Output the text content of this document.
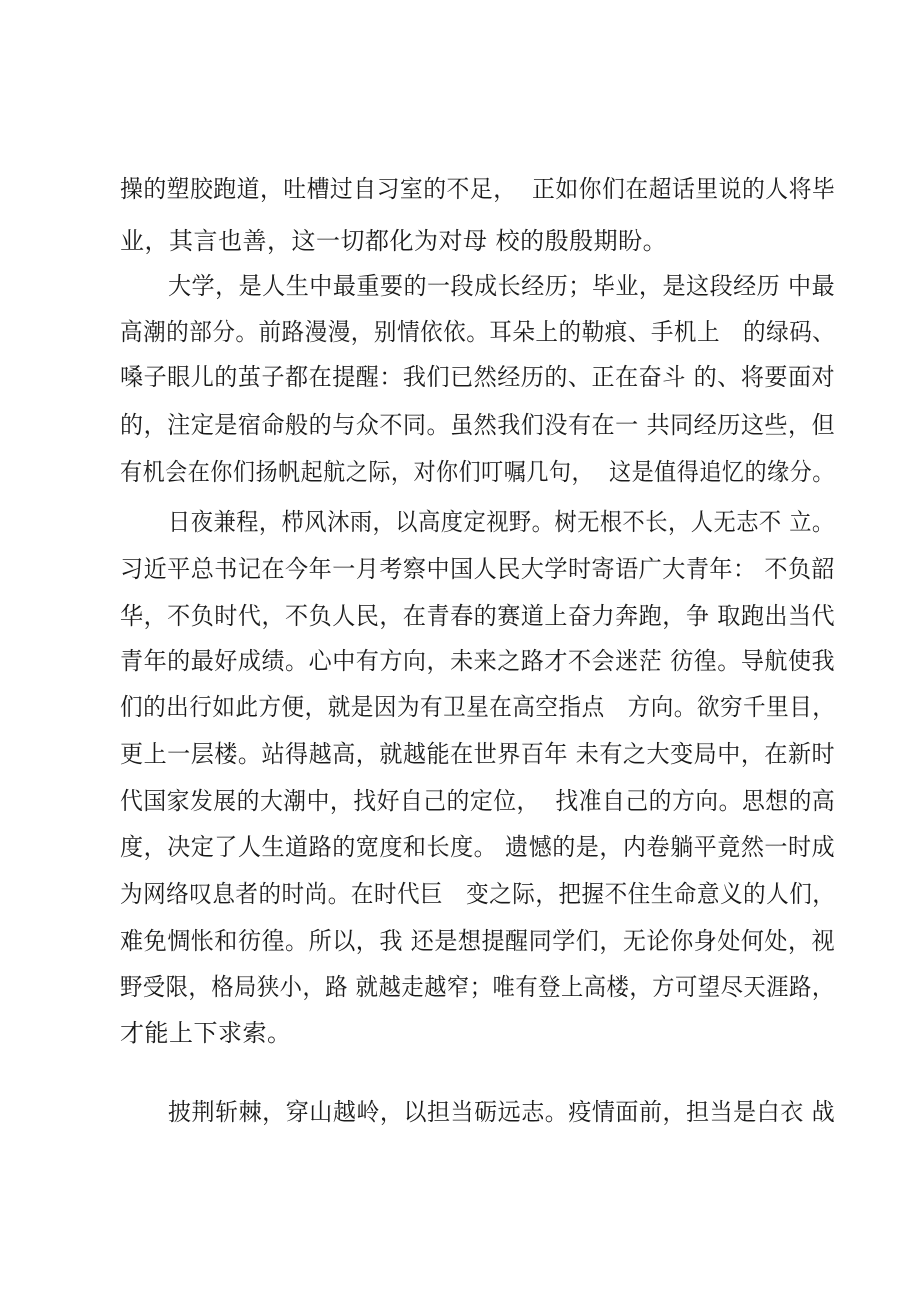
操的塑胶跑道，吐槽过自习室的不足，  正如你们在超话里说的人将毕
业，其言也善，这一切都化为对母 校的殷殷期盼。
大学，是人生中最重要的一段成长经历；毕业，是这段经历 中最
高潮的部分。前路漫漫，别情依依。耳朵上的勒痕、手机上   的绿码、
嗓子眼儿的茧子都在提醒：我们已然经历的、正在奋斗 的、将要面对
的，注定是宿命般的与众不同。虽然我们没有在一 共同经历这些，但
有机会在你们扬帆起航之际，对你们叮嘱几句，  这是值得追忆的缘分。
日夜兼程，栉风沐雨，以高度定视野。树无根不长，人无志不 立。
习近平总书记在今年一月考察中国人民大学时寄语广大青年： 不负韶
华，不负时代，不负人民，在青春的赛道上奋力奔跑，争 取跑出当代
青年的最好成绩。心中有方向，未来之路才不会迷茫 彷徨。导航使我
们的出行如此方便，就是因为有卫星在高空指点   方向。欲穷千里目，
更上一层楼。站得越高，就越能在世界百年 未有之大变局中，在新时
代国家发展的大潮中，找好自己的定位，  找准自己的方向。思想的高
度，决定了人生道路的宽度和长度。 遗憾的是，内卷躺平竟然一时成
为网络叹息者的时尚。在时代巨   变之际，把握不住生命意义的人们，
难免惆怅和彷徨。所以，我 还是想提醒同学们，无论你身处何处，视
野受限，格局狭小，路 就越走越窄；唯有登上高楼，方可望尽天涯路，
才能上下求索。
披荆斩棘，穿山越岭，以担当砺远志。疫情面前，担当是白衣 战
